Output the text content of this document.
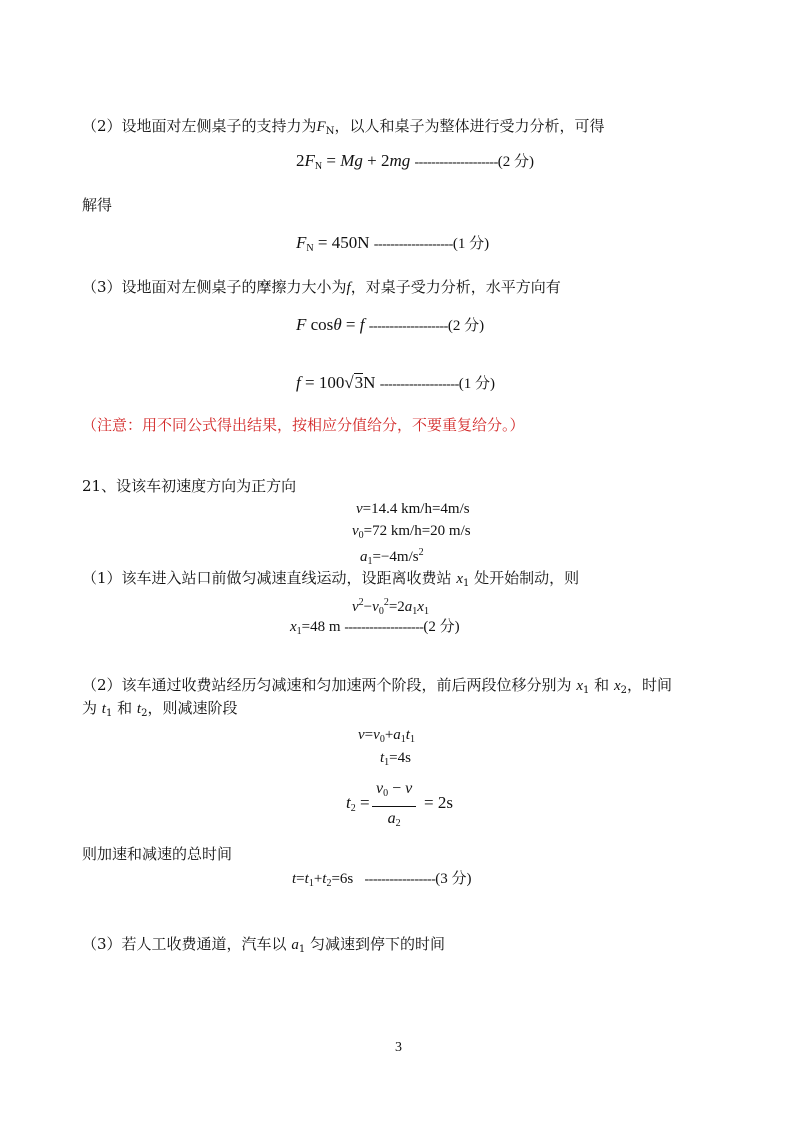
（2）设地面对左侧桌子的支持力为$F_N$，以人和桌子为整体进行受力分析，可得
$2F_N = Mg + 2mg$ --------------------(2 分)
解得
$F_N = 450N$ -------------------(1 分)
（3）设地面对左侧桌子的摩擦力大小为f，对桌子受力分析，水平方向有
F cosθ = f -------------------(2 分)
f = 100√3N -------------------(1 分)
（注意：用不同公式得出结果，按相应分值给分，不要重复给分。）
21、设该车初速度方向为正方向
v=14.4 km/h=4m/s
$v_0=72$ km/h=20 m/s
$a_1=-4m/s^2$
（1）该车进入站口前做匀减速直线运动，设距离收费站 $x_1$ 处开始制动，则
$v^2-v_0^2=2a_1x_1$
$x_1=48$ m -------------------(2 分)
（2）该车通过收费站经历匀减速和匀加速两个阶段，前后两段位移分别为 $x_1$ 和 $x_2$，时间
为 $t_1$ 和 $t_2$，则减速阶段
$v=v_0+a_1t_1$
$t_1=4s$
$t_2$ =
$v_0 - v$
$a_2$
= 2s
则加速和减速的总时间
$t=t_1+t_2=6s$ -----------------(3 分)
（3）若人工收费通道，汽车以 $a_1$ 匀减速到停下的时间
3
